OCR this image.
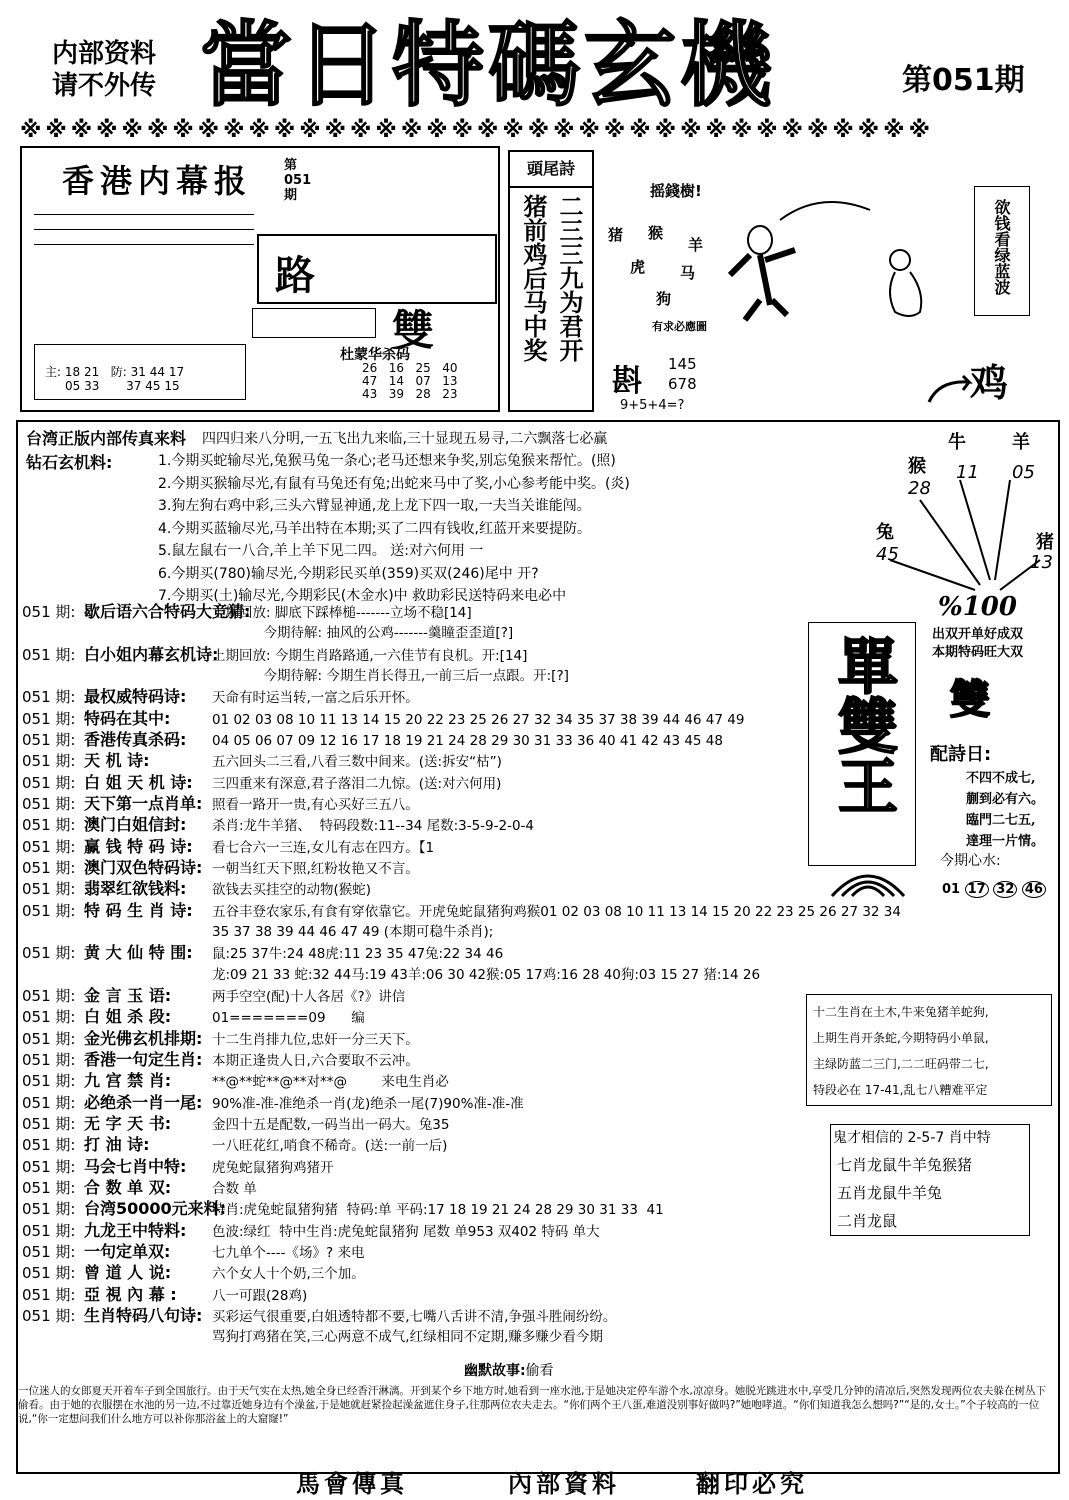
内部资料
请不外传 當日特碼玄機	第051期
※※※※※※※※※※※※※※※※※※※※※※※※※※※※※※※※※※※※
香港内幕报 第051期
路
雙
杜蒙华杀码
26 16 25 40
47 14 07 13
43 39 28 23
主: 18 21 防: 31 44 17
05 33 37 45 15
頭尾詩
二三三九为君开
猪前鸡后马中奖
摇錢樹!
猪 猴
羊
虎 马
狗
有求必應圖
欲钱看绿蓝波
斟 145
678
9+5+4=?
鸡
台湾正版内部传真来料 四四归来八分明,一五飞出九来临,三十显现五易寻,二六飘落七必赢
钻石玄机料:	1.今期买蛇输尽光,兔猴马兔一条心;老马还想来争奖,别忘兔猴来帮忙。(照)
2.今期买猴输尽光,有鼠有马兔还有兔;出蛇来马中了奖,小心参考能中奖。(炎)
3.狗左狗右鸡中彩,三头六臂显神通,龙上龙下四一取,一夫当关谁能闯。
4.今期买蓝输尽光,马羊出特在本期;买了二四有钱收,红蓝开来要提防。
5.鼠左鼠右一八合,羊上羊下见二四。 送:对六何用 一
6.今期买(780)输尽光,今期彩民买单(359)买双(246)尾中 开?
7.今期买(土)输尽光,今期彩民(木金水)中 救助彩民送特码来电必中
牛
11
羊
05
猴
28
兔
45
猪
13
%100
單雙王
出双开单好成双
本期特码旺大双
雙
配詩日:
不四不成七,
蒯到必有六。
臨門二七五,
達理一片情。
今期心水:
01 17 32 46
十二生肖在土木,牛来兔猪羊蛇狗,
上期生肖开条蛇,今期特码小单鼠,
主绿防蓝二三门,二二旺码带二七,
特段必在 17-41,乱七八糟难平定
鬼才相信的 2-5-7 肖中特
七肖龙鼠牛羊兔猴猪
五肖龙鼠牛羊兔
二肖龙鼠
051 期: 歇后语六合特码大竞猜:上期回放: 脚底下踩棒槌-------立场不稳[14]
今期待解: 抽风的公鸡-------羹瞳歪歪道[?]
051 期: 白小姐内幕玄机诗:上期回放: 今期生肖路路通,一六佳节有良机。开:[14]
今期待解: 今期生肖长得丑,一前三后一点跟。开:[?]
051 期: 最权威特码诗: 天命有时运当转,一富之后乐开怀。
051 期: 特码在其中:	01 02 03 08 10 11 13 14 15 20 22 23 25 26 27 32 34 35 37 38 39 44 46 47 49
051 期: 香港传真杀码: 04 05 06 07 09 12 16 17 18 19 21 24 28 29 30 31 33 36 40 41 42 43 45 48
051 期: 天 机 诗:	五六回头二三看,八看三数中间来。(送:拆安“枯”)
051 期: 白 姐 天 机 诗: 三四重来有深意,君子落泪二九惊。(送:对六何用)
051 期: 天下第一点肖单: 照看一路开一贵,有心买好三五八。
051 期: 澳门白姐信封: 杀肖:龙牛羊猪、  特码段数:11--34 尾数:3-5-9-2-0-4
051 期: 赢 钱 特 码 诗: 看七合六一三连,女儿有志在四方。【1
051 期: 澳门双色特码诗: 一朝当红天下照,红粉妆艳又不言。
051 期: 翡翠红欲钱料: 欲钱去买挂空的动物(猴蛇)
051 期: 特 码 生 肖 诗: 五谷丰登农家乐,有食有穿依靠它。开虎兔蛇鼠猪狗鸡猴01 02 03 08 10 11 13 14 15 20 22 23 25 26 27 32 34
35 37 38 39 44 46 47 49 (本期可稳牛杀肖);
051 期: 黄 大 仙 特 围: 鼠:25 37牛:24 48虎:11 23 35 47兔:22 34 46
龙:09 21 33 蛇:32 44马:19 43羊:06 30 42猴:05 17鸡:16 28 40狗:03 15 27 猪:14 26
051 期: 金 言 玉 语:	两手空空(配)十人各居《?》讲信
051 期: 白 姐 杀 段:	01=======09      编
051 期: 金光佛玄机排期: 十二生肖排九位,忠奸一分三天下。
051 期: 香港一句定生肖: 本期正逢贵人日,六合要取不云冲。
051 期: 九 宫 禁 肖:	**@**蛇**@**对**@        来电生肖必
051 期: 必绝杀一肖一尾: 90%准-准-准绝杀一肖(龙)绝杀一尾(7)90%准-准-准
051 期: 无 字 天 书:	金四十五是配数,一码当出一码大。兔35
051 期: 打 油 诗:	一八旺花红,哨食不稀奇。(送:一前一后)
051 期: 马会七肖中特: 虎兔蛇鼠猪狗鸡猪开
051 期: 合 数 单 双:	合数 单
051 期: 台湾50000元来料:特肖:虎兔蛇鼠猪狗猪  特码:单 平码:17 18 19 21 24 28 29 30 31 33  41
051 期: 九龙王中特料: 色波:绿红  特中生肖:虎兔蛇鼠猪狗 尾数 单953 双402 特码 单大
051 期: 一句定单双:	七九单个----《场》? 来电
051 期: 曾 道 人 说:	六个女人十个奶,三个加。
051 期: 亞 視 內 幕 :	八一可跟(28鸡)
051 期: 生肖特码八句诗: 买彩运气很重要,白姐透特都不要,七嘴八舌讲不清,争强斗胜闹纷纷。
骂狗打鸡猪在笑,三心两意不成气,红绿相同不定期,赚多赚少看今期
幽默故事:偷看
一位迷人的女郎夏天开着车子到全国旅行。由于天气实在太热,她全身已经香汗淋漓。开到某个乡下地方时,她看到一座水池,于是她决定停车游个水,凉凉身。她脱光跳进水中,享受几分钟的清凉后,突然发现两位农夫躲在树丛下偷看。由于她的衣服摆在水池的另一边,不过靠近她身边有个澡盆,于是她就赶紧捡起澡盆遮住身子,往那两位农夫走去。“你们两个王八蛋,难道没别事好做吗?”她咆哮道。“你们知道我怎么想吗?”“是的,女士。”个子较高的一位说,“你一定想问我们什么地方可以补你那浴盆上的大窟窿!”
馬會傳真	內部資料	翻印必究
